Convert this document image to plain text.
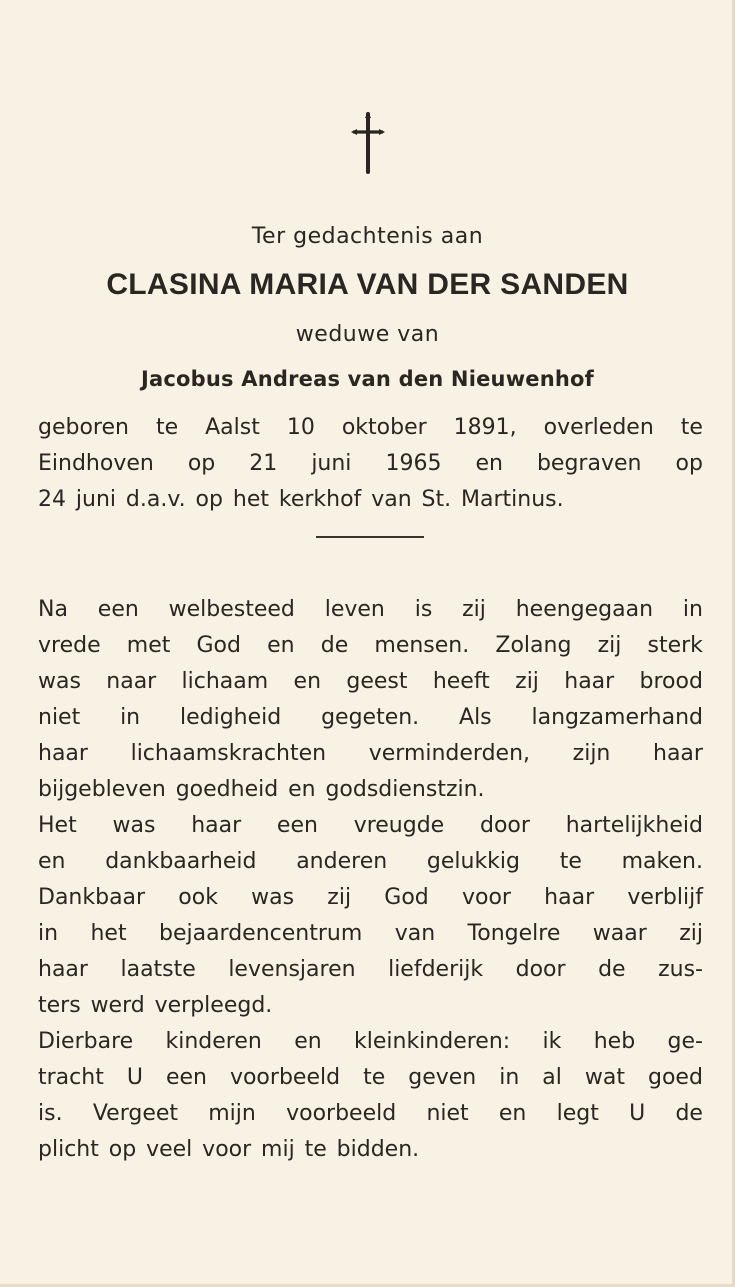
Ter gedachtenis aan
CLASINA MARIA VAN DER SANDEN
weduwe van
Jacobus Andreas van den Nieuwenhof
geboren te Aalst 10 oktober 1891, overleden te
Eindhoven op 21 juni 1965 en begraven op
24 juni d.a.v. op het kerkhof van St. Martinus.
Na een welbesteed leven is zij heengegaan in
vrede met God en de mensen. Zolang zij sterk
was naar lichaam en geest heeft zij haar brood
niet in ledigheid gegeten. Als langzamerhand
haar lichaamskrachten verminderden, zijn haar
bijgebleven goedheid en godsdienstzin.
Het was haar een vreugde door hartelijkheid
en dankbaarheid anderen gelukkig te maken.
Dankbaar ook was zij God voor haar verblijf
in het bejaardencentrum van Tongelre waar zij
haar laatste levensjaren liefderijk door de zus-
ters werd verpleegd.
Dierbare kinderen en kleinkinderen: ik heb ge-
tracht U een voorbeeld te geven in al wat goed
is. Vergeet mijn voorbeeld niet en legt U de
plicht op veel voor mij te bidden.
